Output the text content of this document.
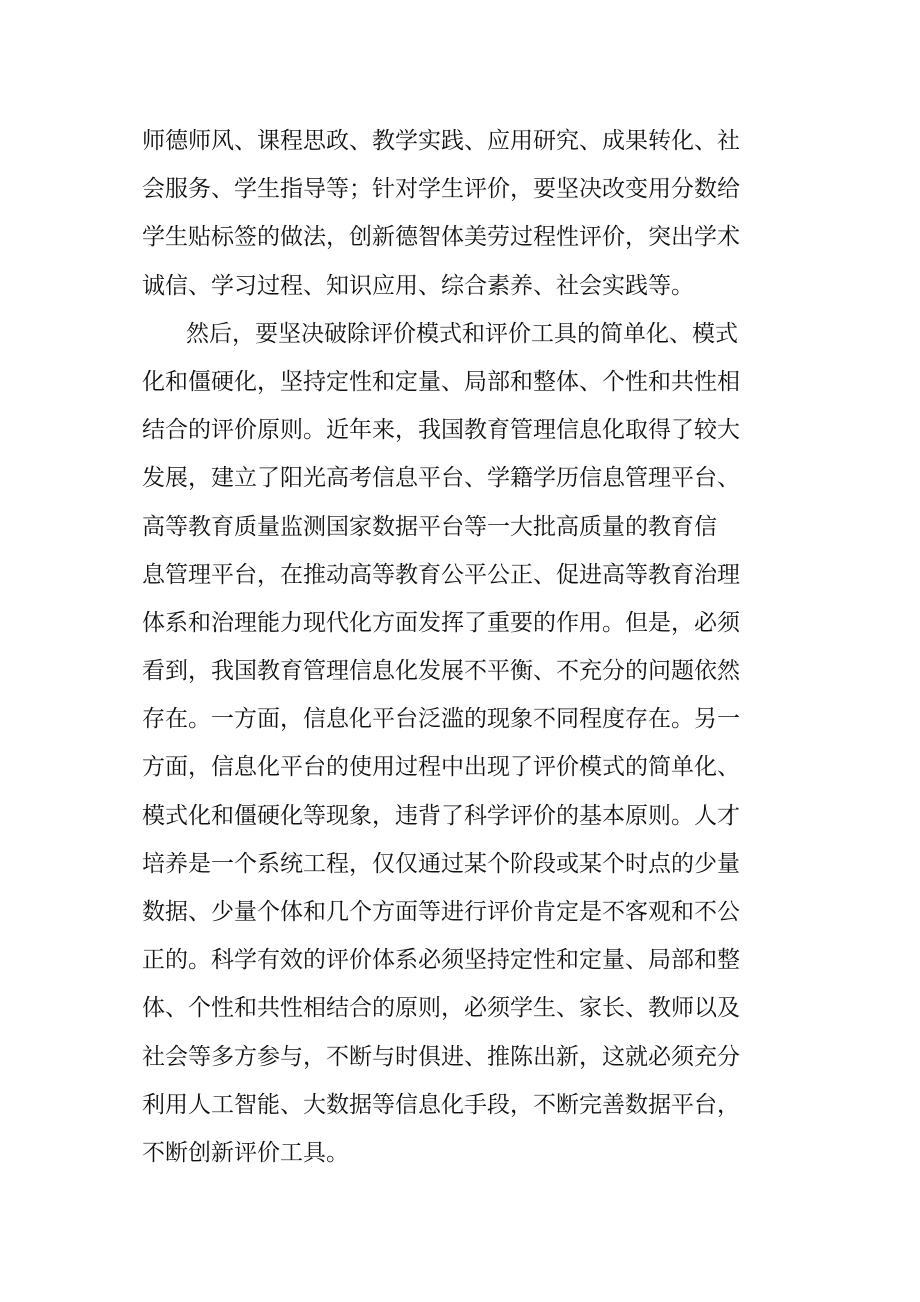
师德师风、课程思政、教学实践、应用研究、成果转化、社
会服务、学生指导等；针对学生评价，要坚决改变用分数给
学生贴标签的做法，创新德智体美劳过程性评价，突出学术
诚信、学习过程、知识应用、综合素养、社会实践等。
然后，要坚决破除评价模式和评价工具的简单化、模式
化和僵硬化，坚持定性和定量、局部和整体、个性和共性相
结合的评价原则。近年来，我国教育管理信息化取得了较大
发展，建立了阳光高考信息平台、学籍学历信息管理平台、
高等教育质量监测国家数据平台等一大批高质量的教育信
息管理平台，在推动高等教育公平公正、促进高等教育治理
体系和治理能力现代化方面发挥了重要的作用。但是，必须
看到，我国教育管理信息化发展不平衡、不充分的问题依然
存在。一方面，信息化平台泛滥的现象不同程度存在。另一
方面，信息化平台的使用过程中出现了评价模式的简单化、
模式化和僵硬化等现象，违背了科学评价的基本原则。人才
培养是一个系统工程，仅仅通过某个阶段或某个时点的少量
数据、少量个体和几个方面等进行评价肯定是不客观和不公
正的。科学有效的评价体系必须坚持定性和定量、局部和整
体、个性和共性相结合的原则，必须学生、家长、教师以及
社会等多方参与，不断与时俱进、推陈出新，这就必须充分
利用人工智能、大数据等信息化手段，不断完善数据平台，
不断创新评价工具。
